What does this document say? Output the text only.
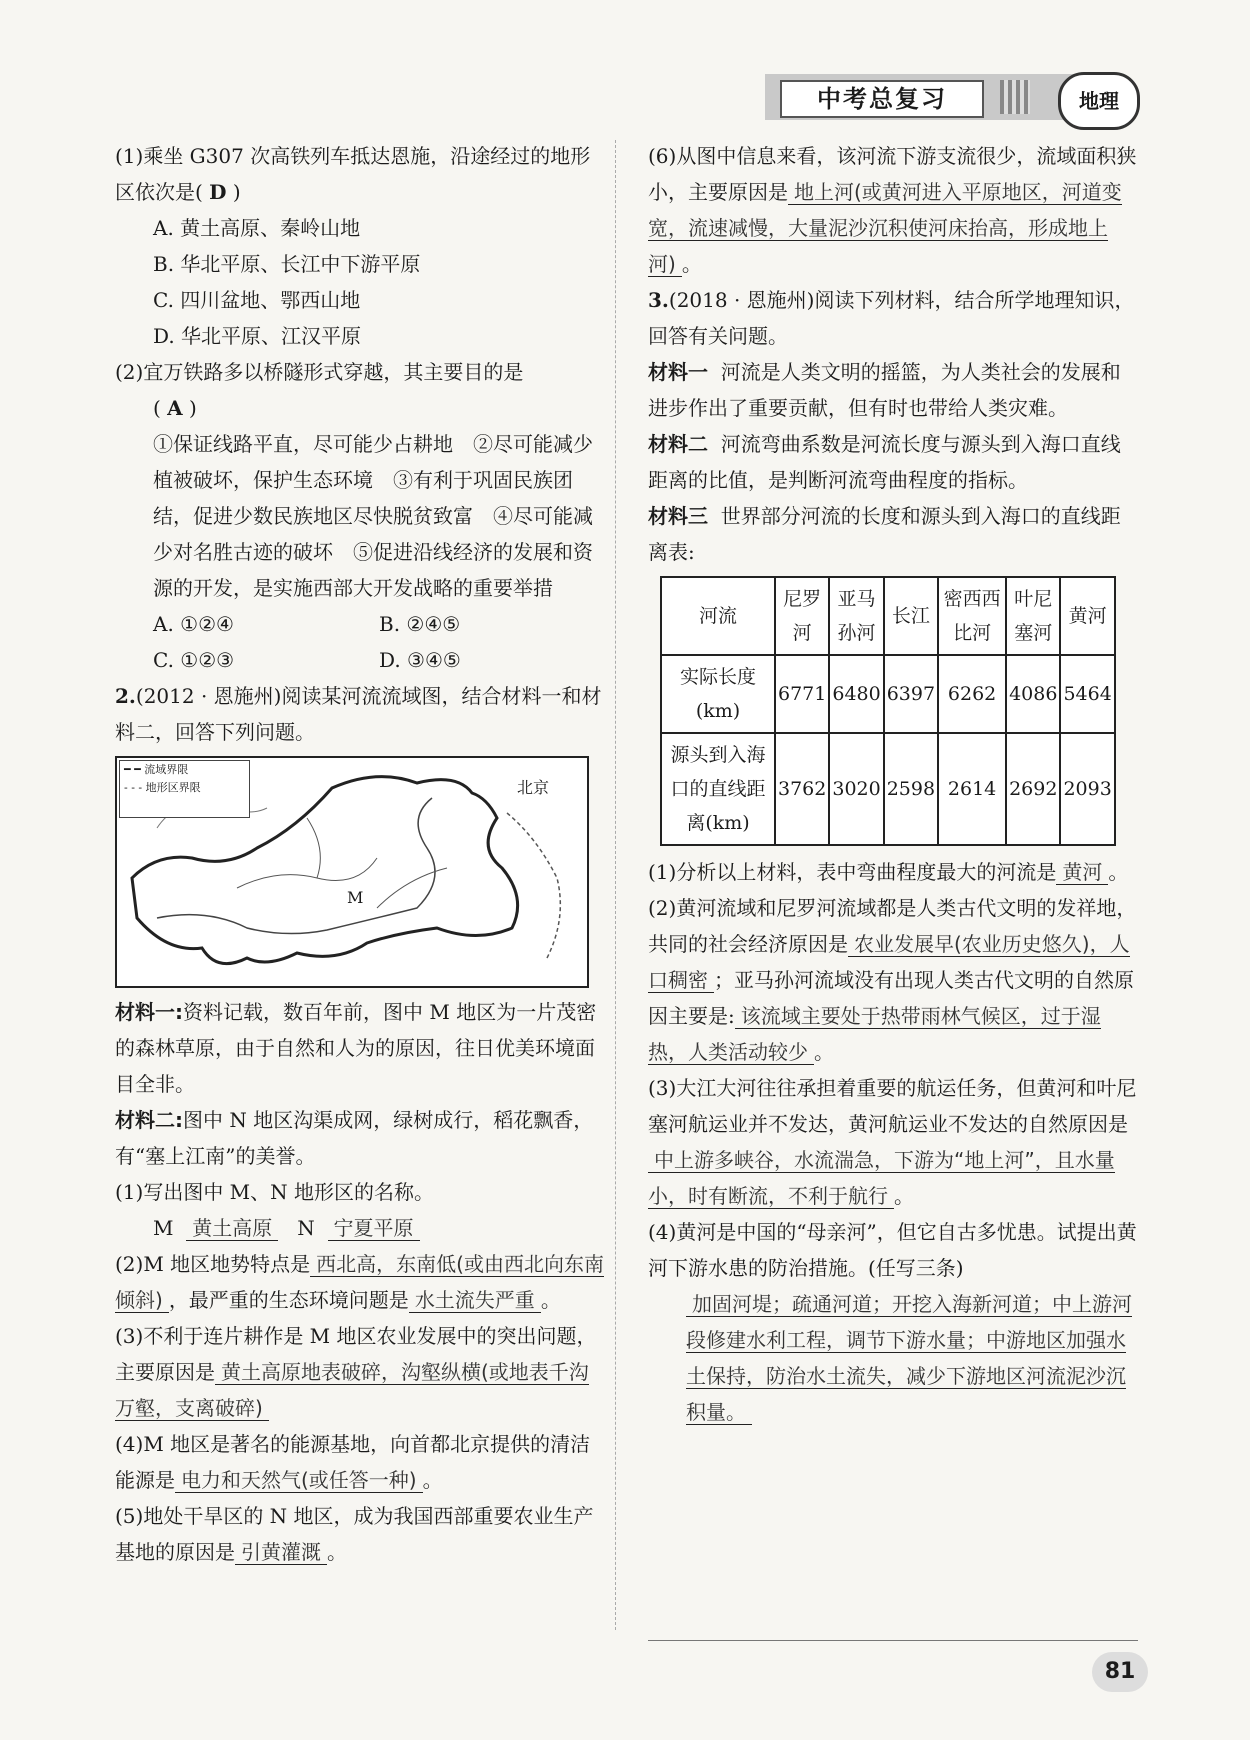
中考总复习	地理

(1)乘坐 G307 次高铁列车抵达恩施，沿途经过的地形区依次是( D )

A. 黄土高原、秦岭山地

B. 华北平原、长江中下游平原

C. 四川盆地、鄂西山地

D. 华北平原、江汉平原

(2)宜万铁路多以桥隧形式穿越，其主要目的是
( A )

①保证线路平直，尽可能少占耕地　②尽可能减少植被破坏，保护生态环境　③有利于巩固民族团结，促进少数民族地区尽快脱贫致富　④尽可能减少对名胜古迹的破坏　⑤促进沿线经济的发展和资源的开发，是实施西部大开发战略的重要举措

A. ①②④	B. ②④⑤
C. ①②③	D. ③④⑤

2.(2012 · 恩施州)阅读某河流流域图，结合材料一和材料二，回答下列问题。

━ ━ 流域界限
- - - 地形区界限	北京
M

材料一:资料记载，数百年前，图中 M 地区为一片茂密的森林草原，由于自然和人为的原因，往日优美环境面目全非。

材料二:图中 N 地区沟渠成网，绿树成行，稻花飘香，有“塞上江南”的美誉。

(1)写出图中 M、N 地形区的名称。

M 黄土高原 N 宁夏平原

(2)M 地区地势特点是 西北高，东南低(或由西北向东南倾斜) ，最严重的生态环境问题是 水土流失严重 。

(3)不利于连片耕作是 M 地区农业发展中的突出问题，主要原因是 黄土高原地表破碎，沟壑纵横(或地表千沟万壑，支离破碎)

(4)M 地区是著名的能源基地，向首都北京提供的清洁能源是 电力和天然气(或任答一种) 。

(5)地处干旱区的 N 地区，成为我国西部重要农业生产基地的原因是 引黄灌溉 。

(6)从图中信息来看，该河流下游支流很少，流域面积狭小，主要原因是 地上河(或黄河进入平原地区，河道变宽，流速减慢，大量泥沙沉积使河床抬高，形成地上河) 。

3.(2018 · 恩施州)阅读下列材料，结合所学地理知识，回答有关问题。

材料一 河流是人类文明的摇篮，为人类社会的发展和进步作出了重要贡献，但有时也带给人类灾难。

材料二 河流弯曲系数是河流长度与源头到入海口直线距离的比值，是判断河流弯曲程度的指标。

材料三 世界部分河流的长度和源头到入海口的直线距离表:

河流	尼罗河	亚马孙河	长江	密西西比河	叶尼塞河	黄河
实际长度(km)	6771	6480	6397	6262	4086	5464
源头到入海口的直线距离(km)	3762	3020	2598	2614	2692	2093

(1)分析以上材料，表中弯曲程度最大的河流是 黄河 。

(2)黄河流域和尼罗河流域都是人类古代文明的发祥地，共同的社会经济原因是 农业发展早(农业历史悠久)，人口稠密 ；亚马孙河流域没有出现人类古代文明的自然原因主要是: 该流域主要处于热带雨林气候区，过于湿热，人类活动较少 。

(3)大江大河往往承担着重要的航运任务，但黄河和叶尼塞河航运业并不发达，黄河航运业不发达的自然原因是中上游多峡谷，水流湍急，下游为“地上河”，且水量小，时有断流，不利于航行 。

(4)黄河是中国的“母亲河”，但它自古多忧患。试提出黄河下游水患的防治措施。(任写三条)

加固河堤；疏通河道；开挖入海新河道；中上游河段修建水利工程，调节下游水量；中游地区加强水土保持，防治水土流失，减少下游地区河流泥沙沉积量。

81
